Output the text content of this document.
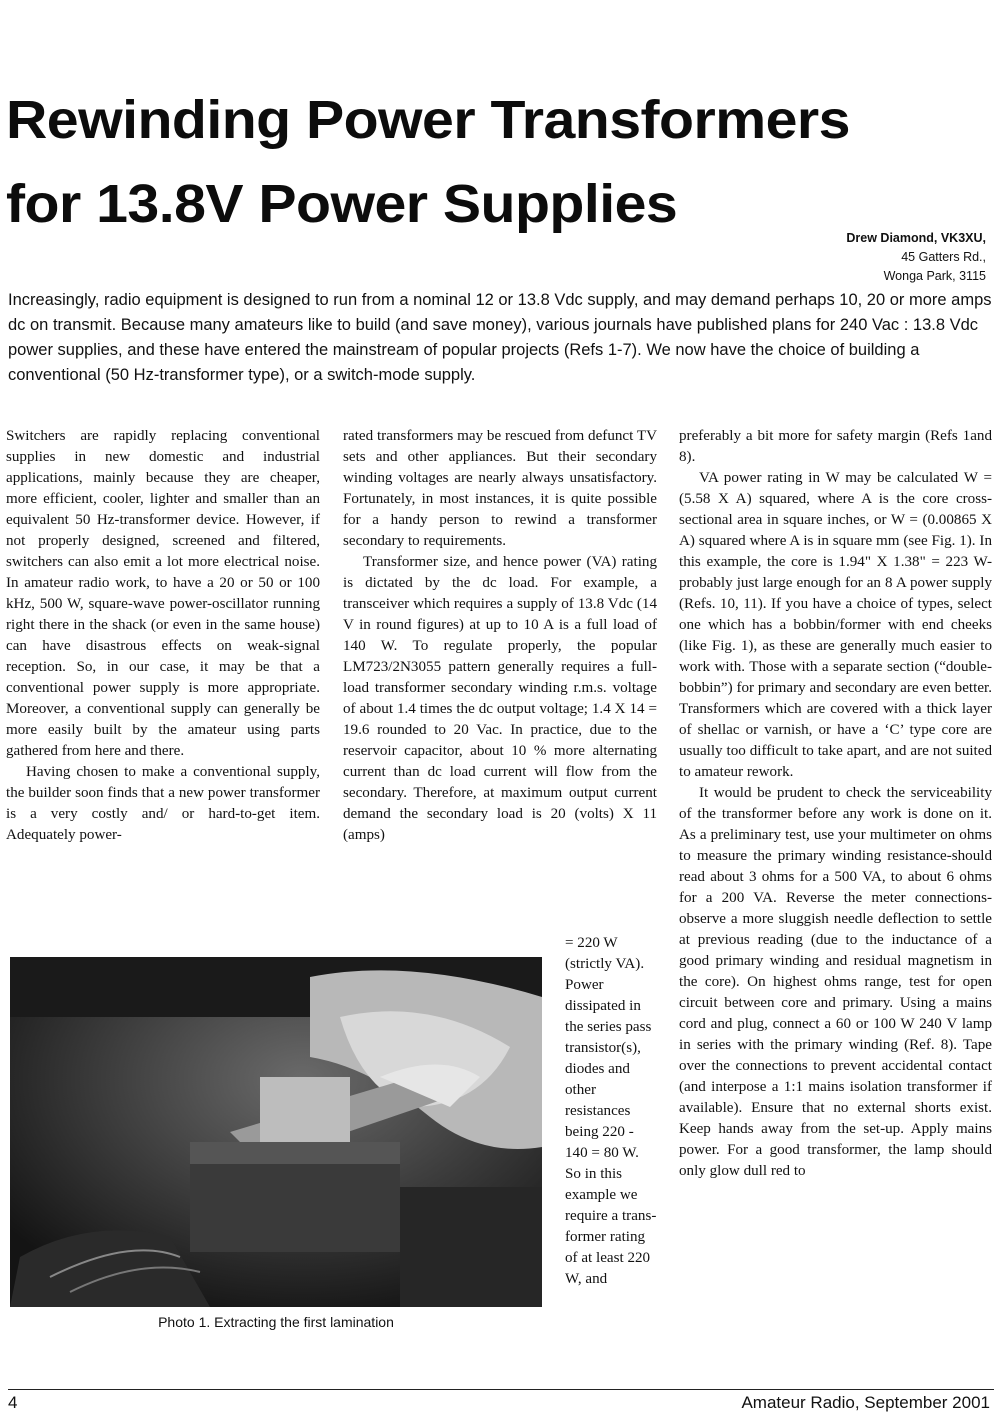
Rewinding Power Transformers
for 13.8V Power Supplies
Drew Diamond, VK3XU,
45 Gatters Rd.,
Wonga Park, 3115

Increasingly, radio equipment is designed to run from a nominal 12 or 13.8 Vdc supply, and may demand perhaps 10, 20 or more amps dc on transmit. Because many amateurs like to build (and save money), various journals have published plans for 240 Vac : 13.8 Vdc power supplies, and these have entered the mainstream of popular projects (Refs 1-7). We now have the choice of building a conventional (50 Hz-transformer type), or a switch-mode supply.

Switchers are rapidly replacing conventional supplies in new domestic and industrial applications, mainly because they are cheaper, more efficient, cooler, lighter and smaller than an equivalent 50 Hz-transformer device. However, if not properly designed, screened and filtered, switchers can also emit a lot more electrical noise. In amateur radio work, to have a 20 or 50 or 100 kHz, 500 W, square-wave power-oscillator running right there in the shack (or even in the same house) can have disastrous effects on weak-signal reception. So, in our case, it may be that a conventional power supply is more appropriate. Moreover, a conventional supply can generally be more easily built by the amateur using parts gathered from here and there.

Having chosen to make a conventional supply, the builder soon finds that a new power transformer is a very costly and/ or hard-to-get item. Adequately power-

rated transformers may be rescued from defunct TV sets and other appliances. But their secondary winding voltages are nearly always unsatisfactory. Fortunately, in most instances, it is quite possible for a handy person to rewind a transformer secondary to requirements.

Transformer size, and hence power (VA) rating is dictated by the dc load. For example, a transceiver which requires a supply of 13.8 Vdc (14 V in round figures) at up to 10 A is a full load of 140 W. To regulate properly, the popular LM723/2N3055 pattern generally requires a full-load transformer secondary winding r.m.s. voltage of about 1.4 times the dc output voltage; 1.4 X 14 = 19.6 rounded to 20 Vac. In practice, due to the reservoir capacitor, about 10 % more alternating current than dc load current will flow from the secondary. Therefore, at maximum output current demand the secondary load is 20 (volts) X 11 (amps)

= 220 W (strictly VA). Power dissipated in the series pass transistor(s), diodes and other resistances being 220 - 140 = 80 W. So in this example we require a trans-former rating of at least 220 W, and

preferably a bit more for safety margin (Refs 1and 8).

VA power rating in W may be calculated W = (5.58 X A) squared, where A is the core cross-sectional area in square inches, or W = (0.00865 X A) squared where A is in square mm (see Fig. 1). In this example, the core is 1.94" X 1.38" = 223 W- probably just large enough for an 8 A power supply (Refs. 10, 11). If you have a choice of types, select one which has a bobbin/former with end cheeks (like Fig. 1), as these are generally much easier to work with. Those with a separate section (“double-bobbin”) for primary and secondary are even better. Transformers which are covered with a thick layer of shellac or varnish, or have a ‘C’ type core are usually too difficult to take apart, and are not suited to amateur rework.

It would be prudent to check the serviceability of the transformer before any work is done on it. As a preliminary test, use your multimeter on ohms to measure the primary winding resistance-should read about 3 ohms for a 500 VA, to about 6 ohms for a 200 VA. Reverse the meter connections- observe a more sluggish needle deflection to settle at previous reading (due to the inductance of a good primary winding and residual magnetism in the core). On highest ohms range, test for open circuit between core and primary. Using a mains cord and plug, connect a 60 or 100 W 240 V lamp in series with the primary winding (Ref. 8). Tape over the connections to prevent accidental contact (and interpose a 1:1 mains isolation transformer if available). Ensure that no external shorts exist. Keep hands away from the set-up. Apply mains power. For a good transformer, the lamp should only glow dull red to

Photo 1. Extracting the first lamination
4	Amateur Radio, September 2001
